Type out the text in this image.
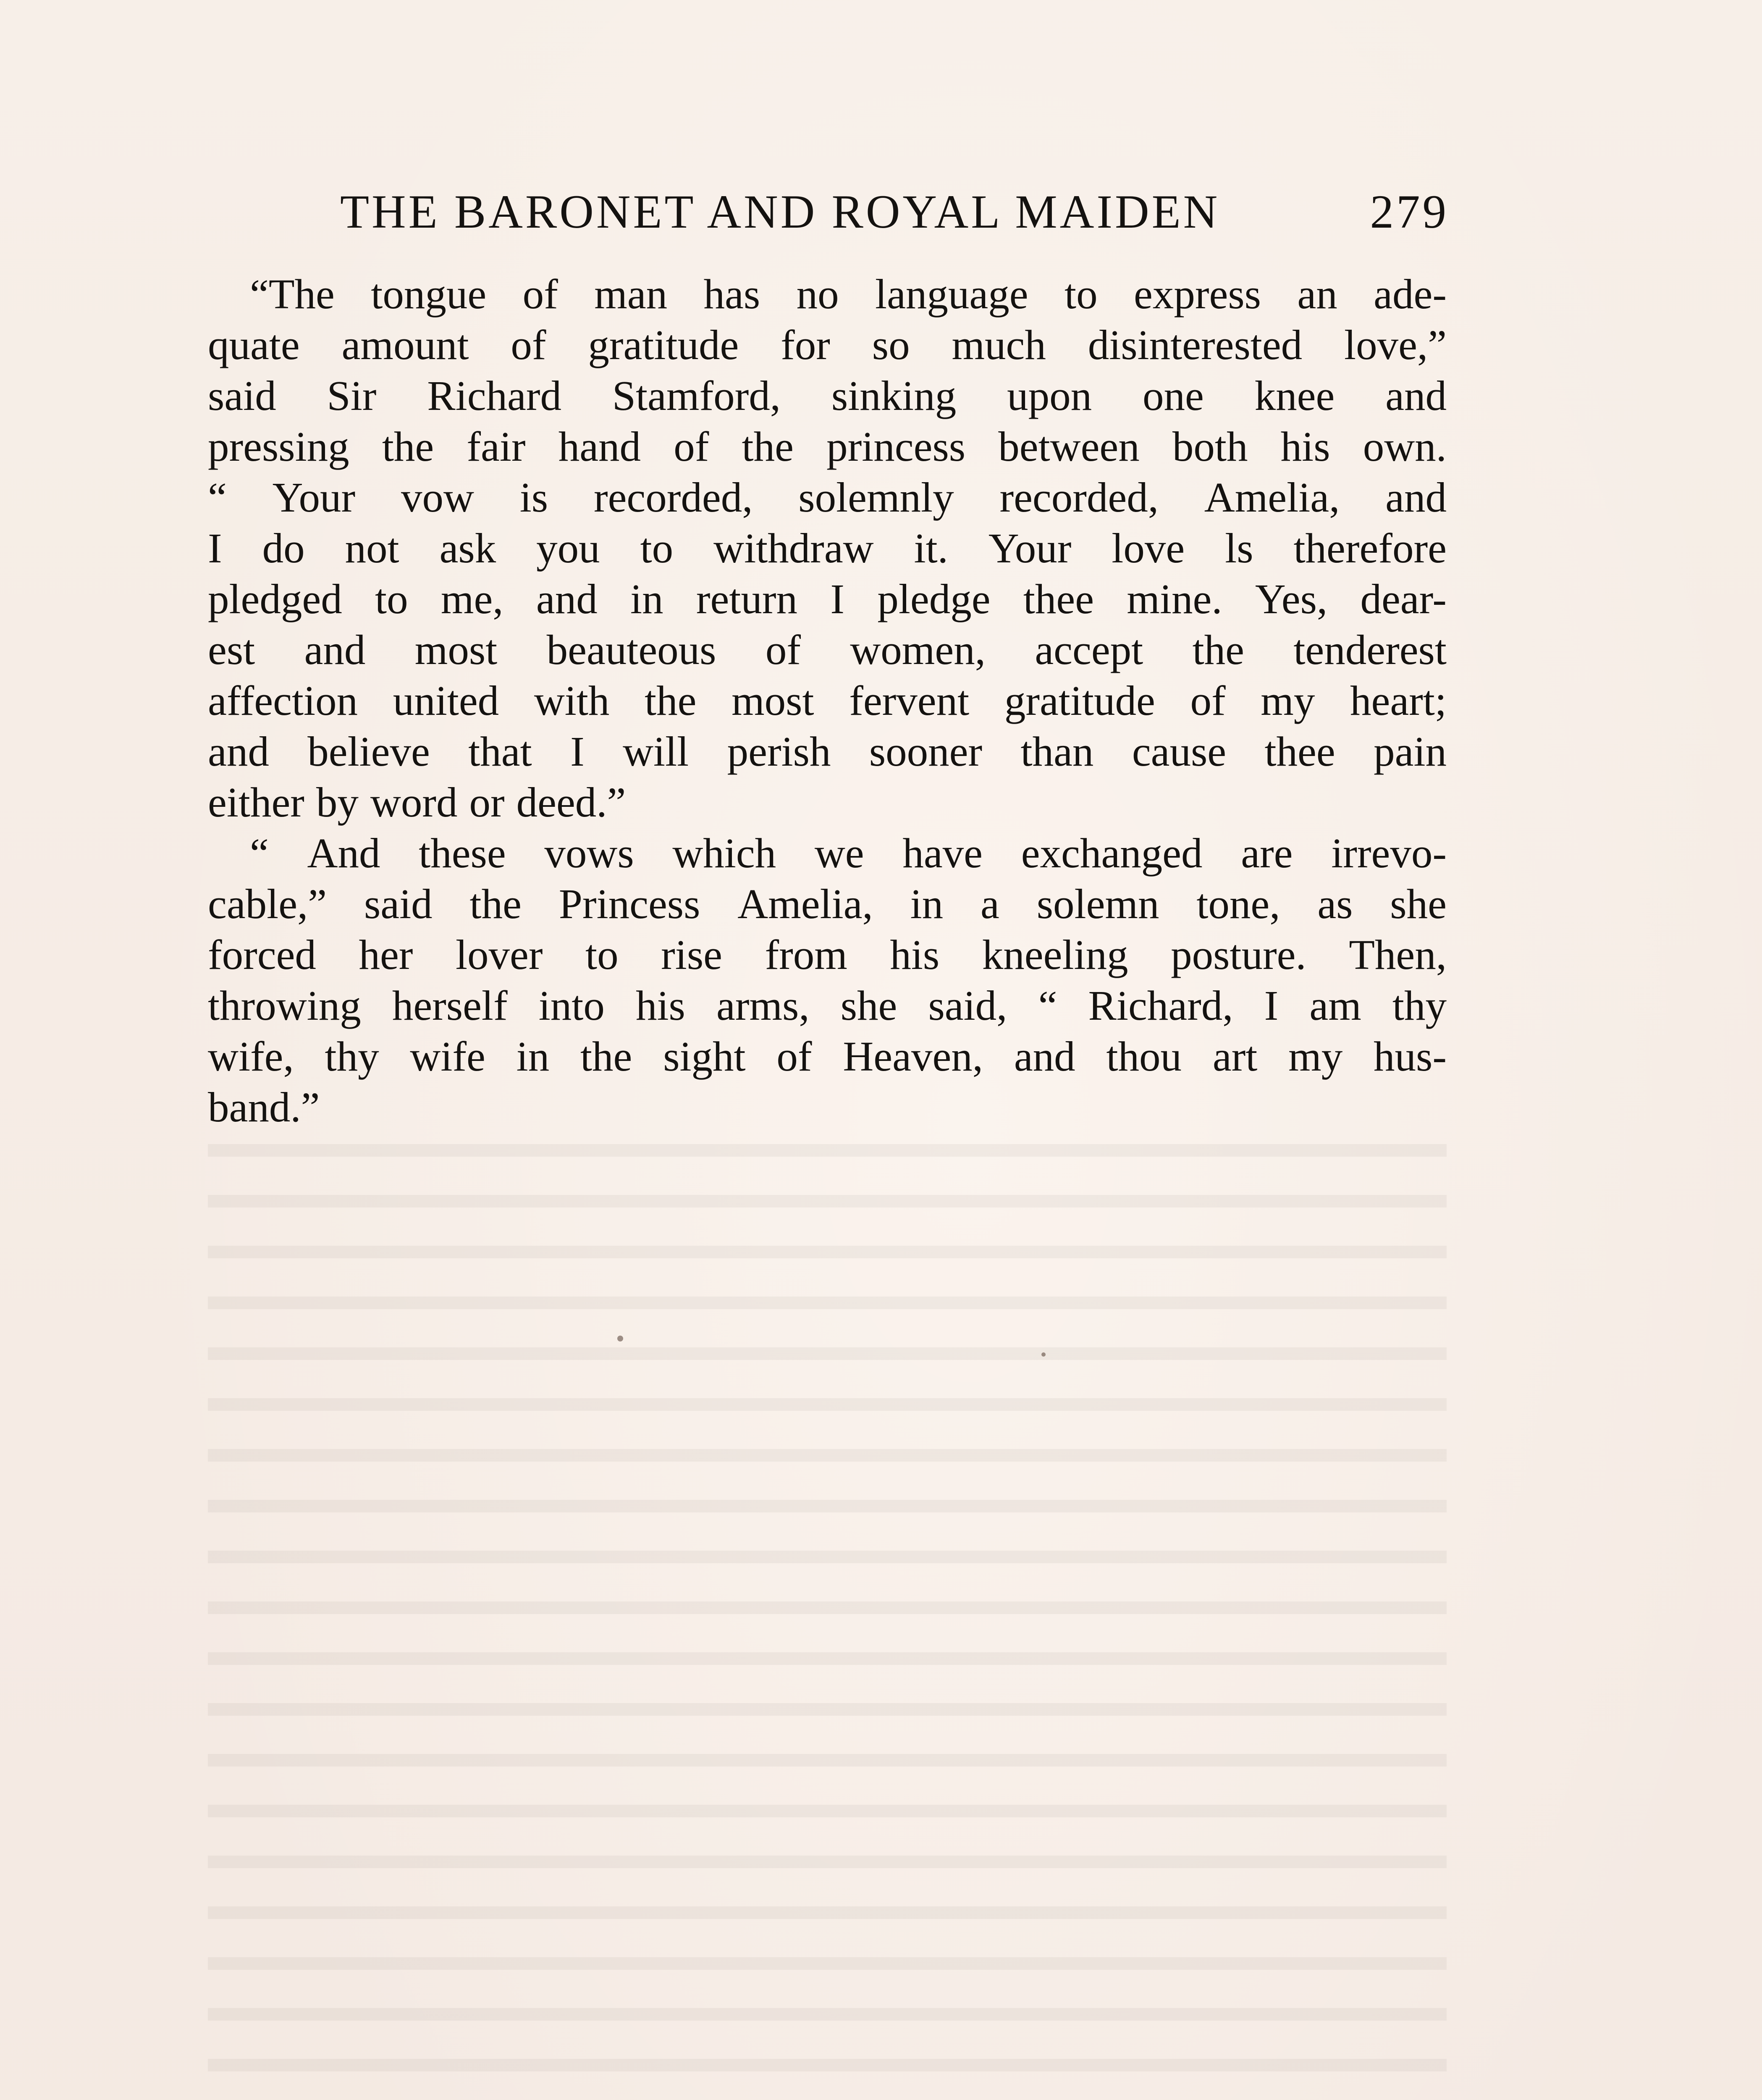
THE BARONET AND ROYAL MAIDEN	279
“The tongue of man has no language to express an ade-
quate amount of gratitude for so much disinterested love,”
said Sir Richard Stamford, sinking upon one knee and
pressing the fair hand of the princess between both his own.
“ Your vow is recorded, solemnly recorded, Amelia, and
I do not ask you to withdraw it. Your love ls therefore
pledged to me, and in return I pledge thee mine. Yes, dear-
est and most beauteous of women, accept the tenderest
affection united with the most fervent gratitude of my heart;
and believe that I will perish sooner than cause thee pain
either by word or deed.”
“ And these vows which we have exchanged are irrevo-
cable,” said the Princess Amelia, in a solemn tone, as she
forced her lover to rise from his kneeling posture. Then,
throwing herself into his arms, she said, “ Richard, I am thy
wife, thy wife in the sight of Heaven, and thou art my hus-
band.”
